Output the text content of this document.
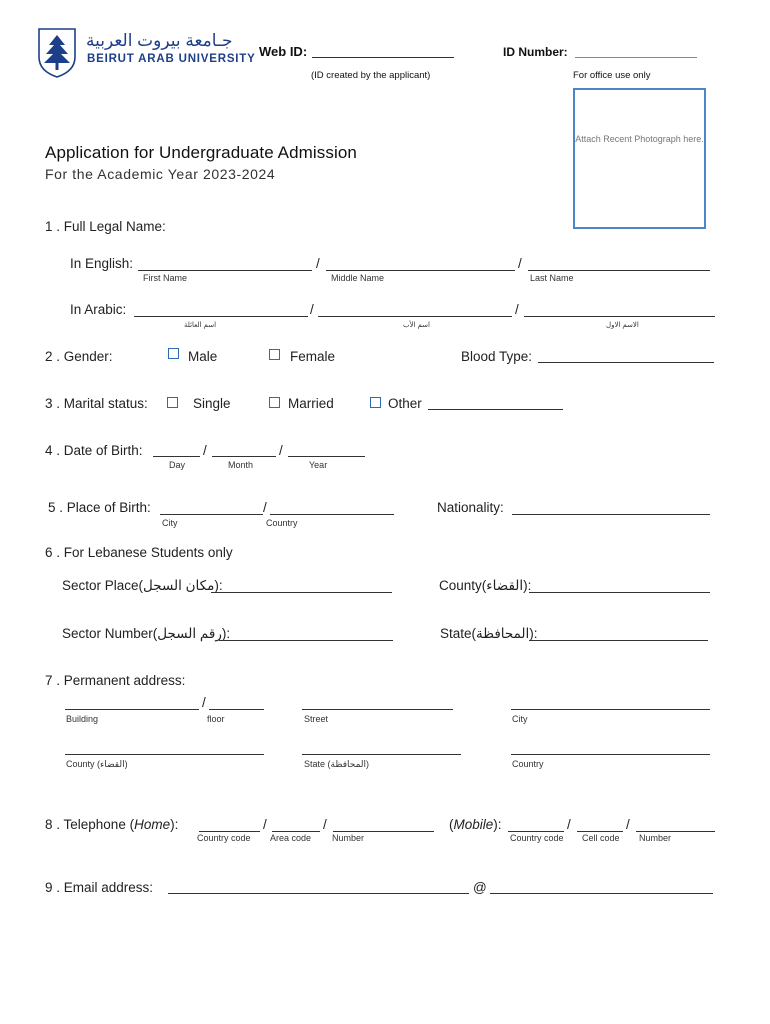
جـامعة بيروت العربية
BEIRUT ARAB UNIVERSITY Web ID:
(ID created by the applicant)
ID Number:
For office use only
Attach Recent Photograph here.
Application for Undergraduate Admission
For the Academic Year 2023-2024
1 . Full Legal Name:
In English:	/	/
First Name	Middle Name	Last Name
In Arabic:	/	/
اسم العائلة	اسم الأب	الاسم الاول
2 . Gender:	Male	Female	Blood Type:
3 . Marital status:	Single	Married	Other
4 . Date of Birth:	/	/
Day	Month	Year
5 . Place of Birth:	/
City	Country
Nationality:
6 . For Lebanese Students only
Sector Place(مكان السجل):	County(القضاء):
Sector Number(رقم السجل):	State(المحافظة):
7 . Permanent address:
/
Building	floor	Street	City
County (القضاء)	State (المحافظة)	Country
8 . Telephone (Home):	/	/
Country code Area code Number
(Mobile):	/	/
Country code Cell code Number
9 . Email address:	@
